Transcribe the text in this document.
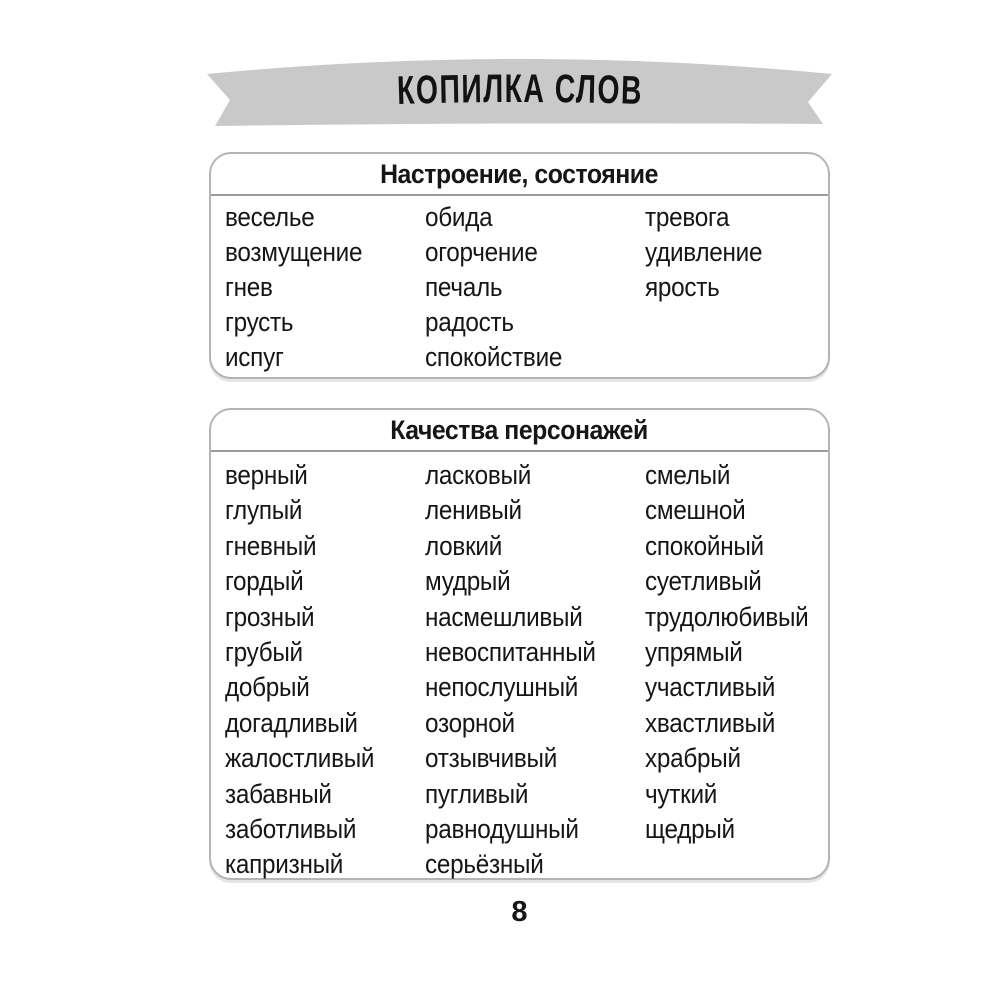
КОПИЛКА СЛОВ
Настроение, состояние
веселье	обида	тревога
возмущение	огорчение	удивление
гнев	печаль	ярость
грусть	радость
испуг	спокойствие
Качества персонажей
верный	ласковый	смелый
глупый	ленивый	смешной
гневный	ловкий	спокойный
гордый	мудрый	суетливый
грозный	насмешливый	трудолюбивый
грубый	невоспитанный	упрямый
добрый	непослушный	участливый
догадливый	озорной	хвастливый
жалостливый	отзывчивый	храбрый
забавный	пугливый	чуткий
заботливый	равнодушный	щедрый
капризный	серьёзный
8
